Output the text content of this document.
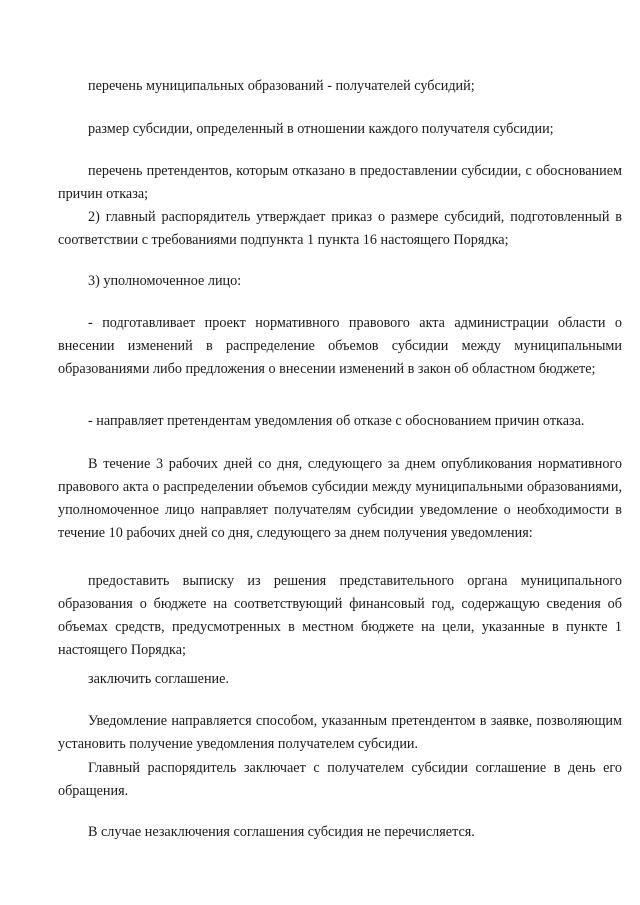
перечень муниципальных образований - получателей субсидий;

размер субсидии, определенный в отношении каждого получателя субсидии;

перечень претендентов, которым отказано в предоставлении субсидии, с обоснованием причин отказа;

2) главный распорядитель утверждает приказ о размере субсидий, подготовленный в соответствии с требованиями подпункта 1 пункта 16 настоящего Порядка;

3) уполномоченное лицо:

- подготавливает проект нормативного правового акта администрации области о внесении изменений в распределение объемов субсидии между муниципальными образованиями либо предложения о внесении изменений в закон об областном бюджете;

- направляет претендентам уведомления об отказе с обоснованием причин отказа.

В течение 3 рабочих дней со дня, следующего за днем опубликования нормативного правового акта о распределении объемов субсидии между муниципальными образованиями, уполномоченное лицо направляет получателям субсидии уведомление о необходимости в течение 10 рабочих дней со дня, следующего за днем получения уведомления:

предоставить выписку из решения представительного органа муниципального образования о бюджете на соответствующий финансовый год, содержащую сведения об объемах средств, предусмотренных в местном бюджете на цели, указанные в пункте 1 настоящего Порядка;

заключить соглашение.

Уведомление направляется способом, указанным претендентом в заявке, позволяющим установить получение уведомления получателем субсидии.

Главный распорядитель заключает с получателем субсидии соглашение в день его обращения.

В случае незаключения соглашения субсидия не перечисляется.
